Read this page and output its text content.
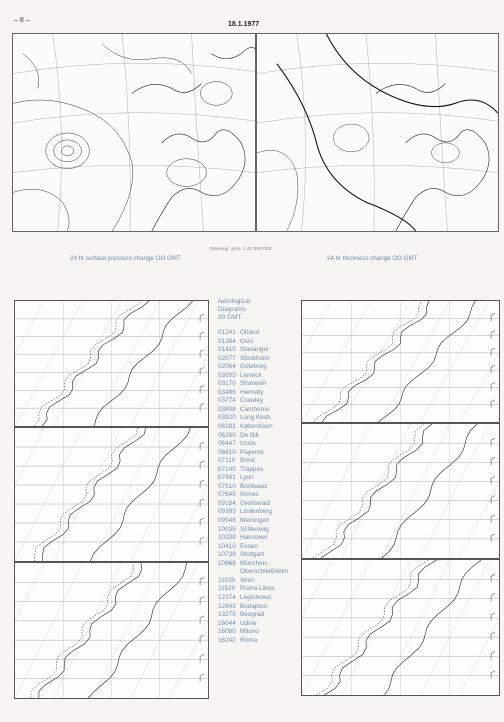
– 8 –
18.1.1977
Stereogr. proj. 1:40 000 000
24 hr surface pressure change OO GMT	24 hr thickness change OO GMT
Aerological
Diagrams
00 GMT
01241 Orland
01384 Oslo
01415 Stavanger
02077 Stockholm
02064 Goteborg
03005 Lerwick
03170 Shanwell
03496 Hemsby
03774 Crawley
03808 Camborne
03920 Long Kesh
06181 København
06260 De Bilt
06447 Uccle
06610 Payerne
07110 Brest
07145 Trappes
07481 Lyon
07510 Bordeaux
07645 Nîmes
09184 Greifswald
09393 Lindenberg
09548 Meiningen
10035 Schleswig
10338 Hannover
10410 Essen
10739 Stuttgart
10868 München-
Oberschleißheim
11035 Wien
11520 Praha-Libus
12374 Legionowo
12843 Budapest
13275 Beograd
16044 Udine
16080 Milano
16242 Roma
